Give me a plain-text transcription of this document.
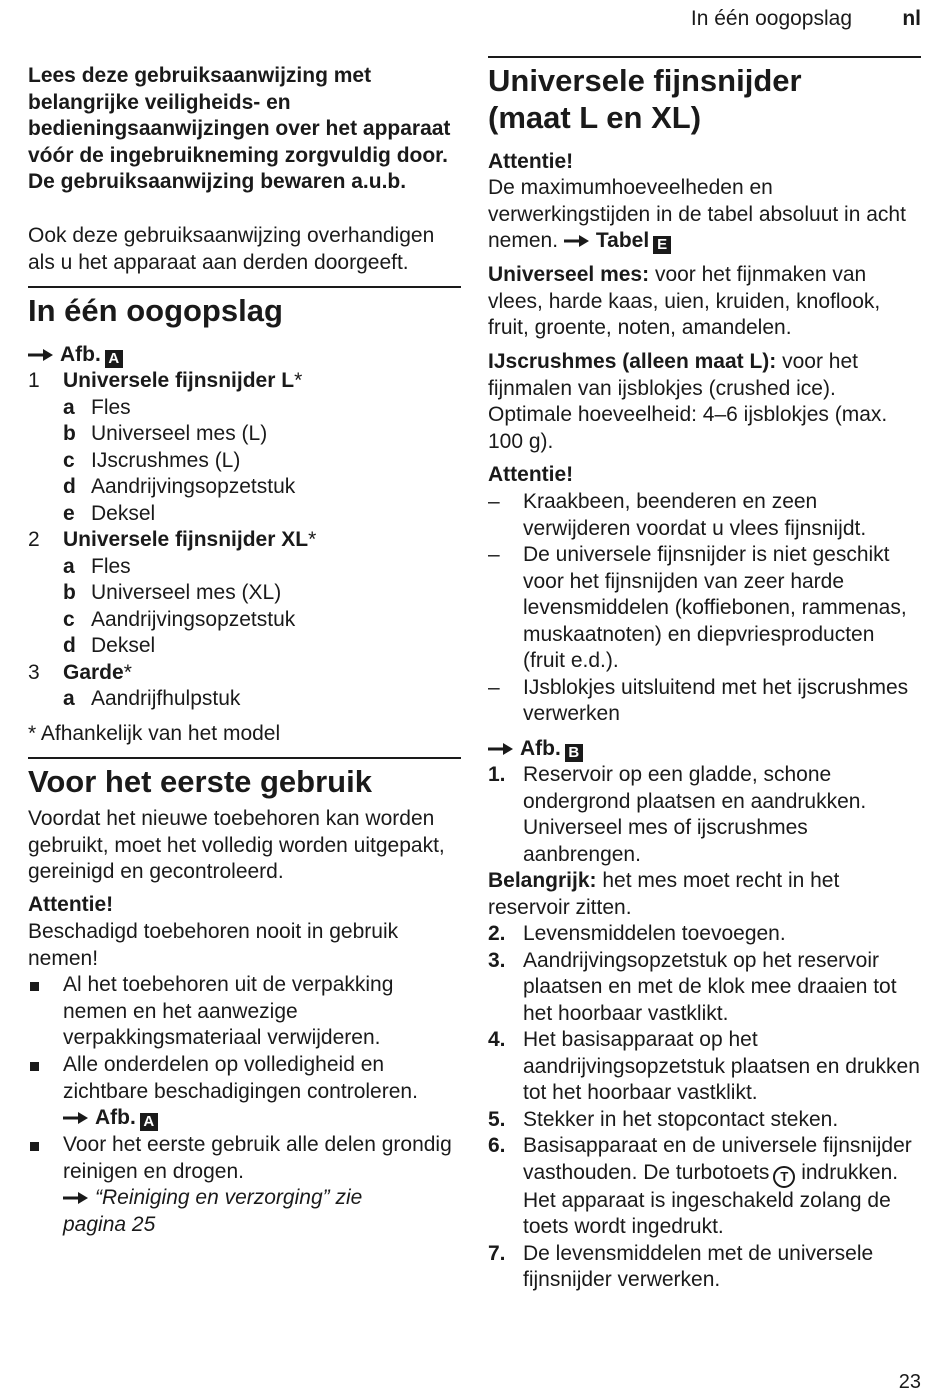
In één oogopslag nl

Lees deze gebruiksaanwijzing met belangrijke veiligheids- en bedieningsaanwijzingen over het apparaat vóór de ingebruikneming zorgvuldig door. De gebruiksaanwijzing bewaren a.u.b.

Ook deze gebruiksaanwijzing overhandigen als u het apparaat aan derden doorgeeft.

In één oogopslag
Afb. A
1 Universele fijnsnijder L*
a Fles
b Universeel mes (L)
c IJscrushmes (L)
d Aandrijvingsopzetstuk
e Deksel
2 Universele fijnsnijder XL*
a Fles
b Universeel mes (XL)
c Aandrijvingsopzetstuk
d Deksel
3 Garde*
a Aandrijfhulpstuk

* Afhankelijk van het model

Voor het eerste gebruik

Voordat het nieuwe toebehoren kan worden gebruikt, moet het volledig worden uitgepakt, gereinigd en gecontroleerd.

Attentie!

Beschadigd toebehoren nooit in gebruik nemen!

Al het toebehoren uit de verpakking nemen en het aanwezige verpakkingsmateriaal verwijderen.
Alle onderdelen op volledigheid en zichtbare beschadigingen controleren.
Afb. A
Voor het eerste gebruik alle delen grondig reinigen en drogen.
“Reiniging en verzorging” zie
pagina 25
Universele fijnsnijder
(maat L en XL)

Attentie!

De maximumhoeveelheden en verwerkingstijden in de tabel absoluut in acht nemen. Tabel E

Universeel mes: voor het fijnmaken van vlees, harde kaas, uien, kruiden, knoflook, fruit, groente, noten, amandelen.

IJscrushmes (alleen maat L): voor het fijnmalen van ijsblokjes (crushed ice). Optimale hoeveelheid: 4–6 ijsblokjes (max. 100 g).

Attentie!

– Kraakbeen, beenderen en zeen verwijderen voordat u vlees fijnsnijdt.
– De universele fijnsnijder is niet geschikt voor het fijnsnijden van zeer harde levensmiddelen (koffiebonen, rammenas, muskaatnoten) en diepvriesproducten (fruit e.d.).
– IJsblokjes uitsluitend met het ijscrushmes verwerken
Afb. B
1. Reservoir op een gladde, schone ondergrond plaatsen en aandrukken. Universeel mes of ijscrushmes aanbrengen.

Belangrijk: het mes moet recht in het reservoir zitten.

2. Levensmiddelen toevoegen.
3. Aandrijvingsopzetstuk op het reservoir plaatsen en met de klok mee draaien tot het hoorbaar vastklikt.
4. Het basisapparaat op het aandrijvingsopzetstuk plaatsen en drukken tot het hoorbaar vastklikt.
5. Stekker in het stopcontact steken.
6. Basisapparaat en de universele fijnsnijder vasthouden. De turbotoets T indrukken. Het apparaat is ingeschakeld zolang de toets wordt ingedrukt.
7. De levensmiddelen met de universele fijnsnijder verwerken.
23
